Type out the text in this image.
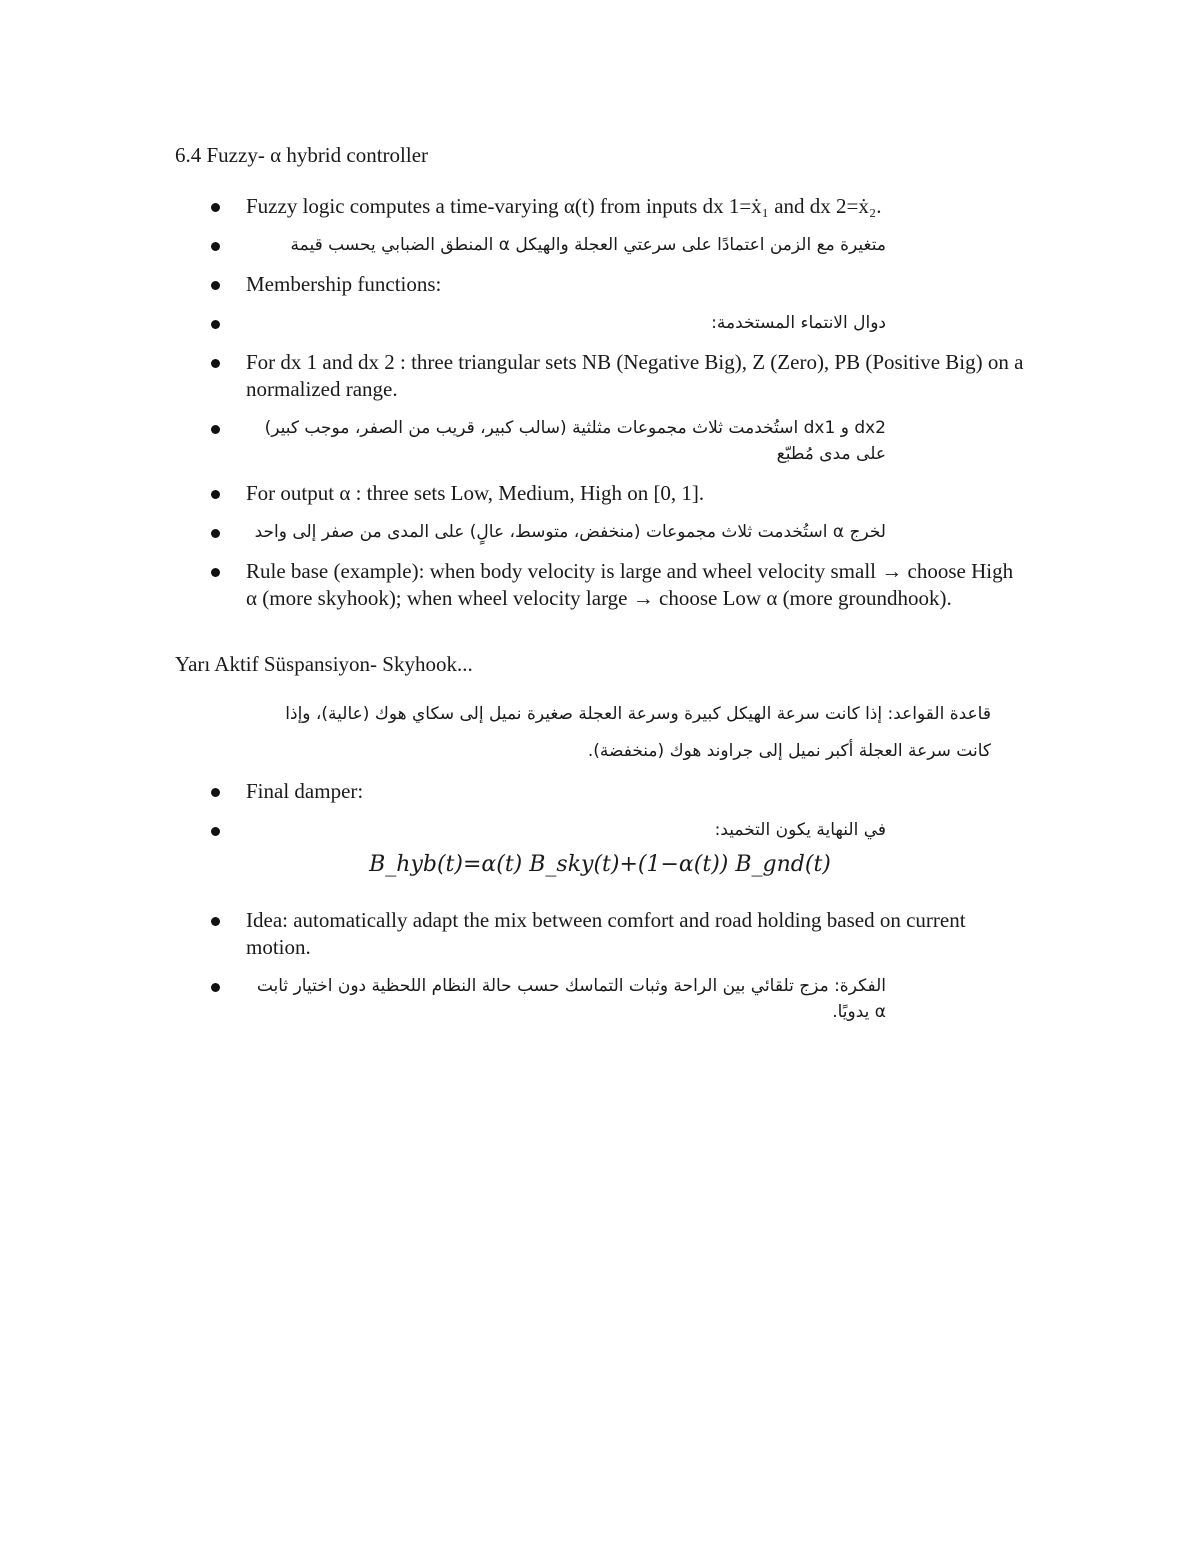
6.4 Fuzzy- α hybrid controller
Fuzzy logic computes a time-varying α(t) from inputs dx 1=ẋ₁ and dx 2=ẋ₂.
متغيرة مع الزمن اعتمادًا على سرعتي العجلة والهيكل α المنطق الضبابي يحسب قيمة
Membership functions:
دوال الانتماء المستخدمة:
For dx 1 and dx 2 : three triangular sets NB (Negative Big), Z (Zero), PB (Positive Big) on a normalized range.
dx2 و dx1 استُخدمت ثلاث مجموعات مثلثية (سالب كبير، قريب من الصفر، موجب كبير) على مدى مُطبّع
For output α : three sets Low, Medium, High on [0, 1].
لخرج α استُخدمت ثلاث مجموعات (منخفض، متوسط، عالٍ) على المدى من صفر إلى واحد
Rule base (example): when body velocity is large and wheel velocity small → choose High α (more skyhook); when wheel velocity large → choose Low α (more groundhook).
Yarı Aktif Süspansiyon- Skyhook...
قاعدة القواعد: إذا كانت سرعة الهيكل كبيرة وسرعة العجلة صغيرة نميل إلى سكاي هوك (عالية)، وإذا كانت سرعة العجلة أكبر نميل إلى جراوند هوك (منخفضة).
Final damper:
في النهاية يكون التخميد:
B_hyb(t)=α(t) B_sky(t)+(1−α(t)) B_gnd(t)
Idea: automatically adapt the mix between comfort and road holding based on current motion.
الفكرة: مزج تلقائي بين الراحة وثبات التماسك حسب حالة النظام اللحظية دون اختيار ثابت α يدويًا.
